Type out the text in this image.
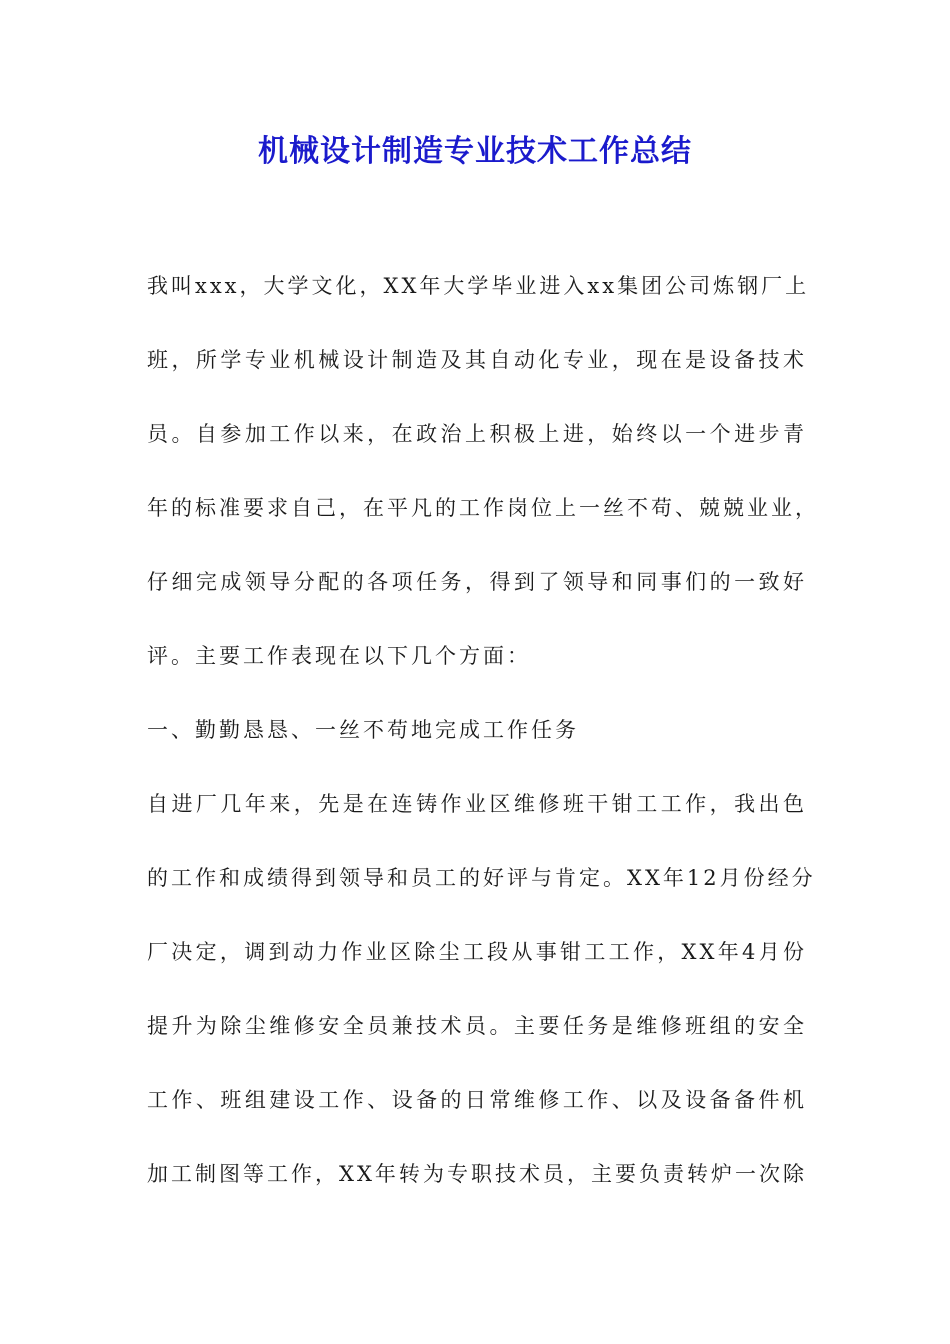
机械设计制造专业技术工作总结
我叫xxx，大学文化，XX年大学毕业进入xx集团公司炼钢厂上
班，所学专业机械设计制造及其自动化专业，现在是设备技术
员。自参加工作以来，在政治上积极上进，始终以一个进步青
年的标准要求自己，在平凡的工作岗位上一丝不苟、兢兢业业，
仔细完成领导分配的各项任务，得到了领导和同事们的一致好
评。主要工作表现在以下几个方面：
一、勤勤恳恳、一丝不苟地完成工作任务
自进厂几年来，先是在连铸作业区维修班干钳工工作，我出色
的工作和成绩得到领导和员工的好评与肯定。XX年12月份经分
厂决定，调到动力作业区除尘工段从事钳工工作，XX年4月份
提升为除尘维修安全员兼技术员。主要任务是维修班组的安全
工作、班组建设工作、设备的日常维修工作、以及设备备件机
加工制图等工作，XX年转为专职技术员，主要负责转炉一次除
